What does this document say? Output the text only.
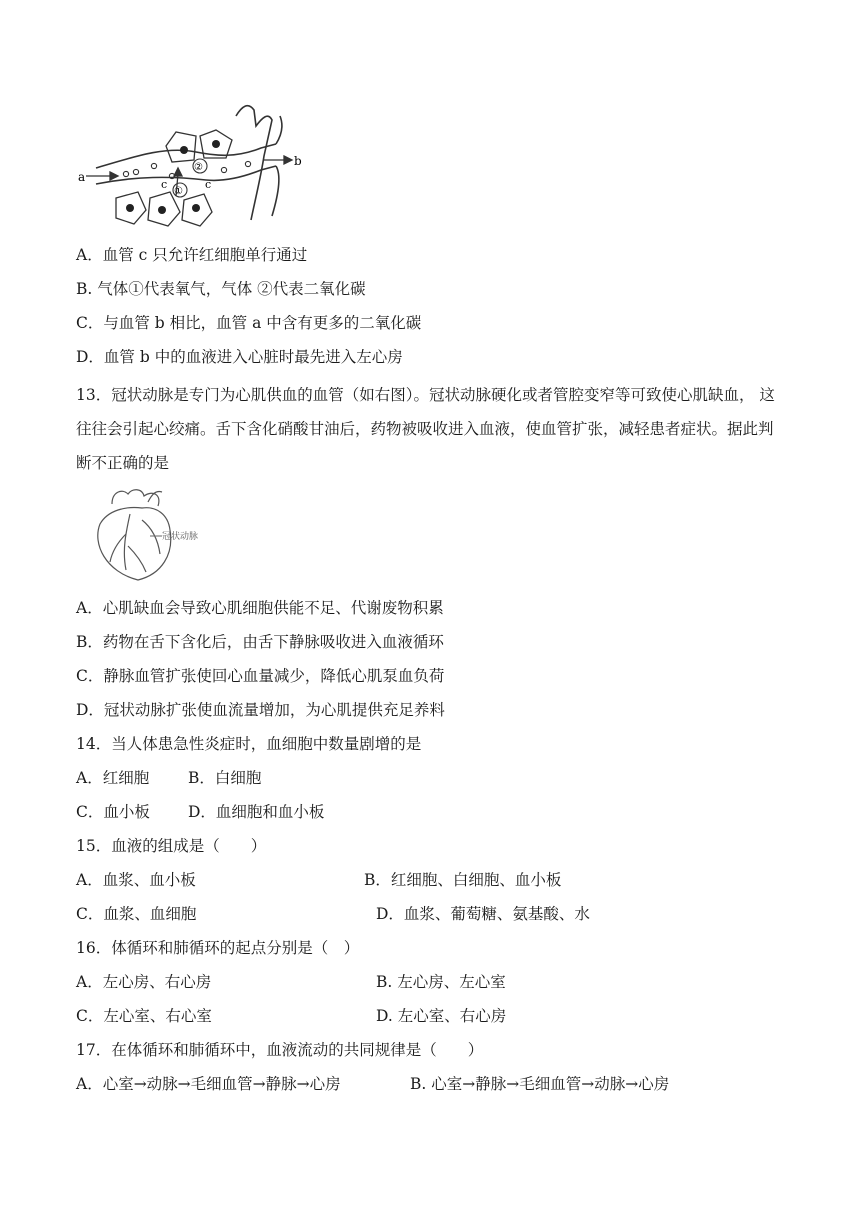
a
b
c	c
①
②
A．血管 c 只允许红细胞单行通过
B. 气体①代表氧气，气体 ②代表二氧化碳
C．与血管 b 相比，血管 a 中含有更多的二氧化碳
D．血管 b 中的血液进入心脏时最先进入左心房
13．冠状动脉是专门为心肌供血的血管（如右图）。冠状动脉硬化或者管腔变窄等可致使心肌缺血， 这往往会引起心绞痛。舌下含化硝酸甘油后，药物被吸收进入血液，使血管扩张，减轻患者症状。据此判断不正确的是
冠状动脉
A．心肌缺血会导致心肌细胞供能不足、代谢废物积累
B．药物在舌下含化后，由舌下静脉吸收进入血液循环
C．静脉血管扩张使回心血量减少，降低心肌泵血负荷
D．冠状动脉扩张使血流量增加，为心肌提供充足养料
14．当人体患急性炎症时，血细胞中数量剧增的是
A．红细胞	B．白细胞
C．血小板 D．血细胞和血小板
15．血液的组成是（　　）
A．血浆、血小板	B．红细胞、白细胞、血小板
C．血浆、血细胞	D．血浆、葡萄糖、氨基酸、水
16．体循环和肺循环的起点分别是（　）
A．左心房、右心房	B. 左心房、左心室
C．左心室、右心室	D. 左心室、右心房
17．在体循环和肺循环中，血液流动的共同规律是（　　）
A．心室→动脉→毛细血管→静脉→心房	B. 心室→静脉→毛细血管→动脉→心房
